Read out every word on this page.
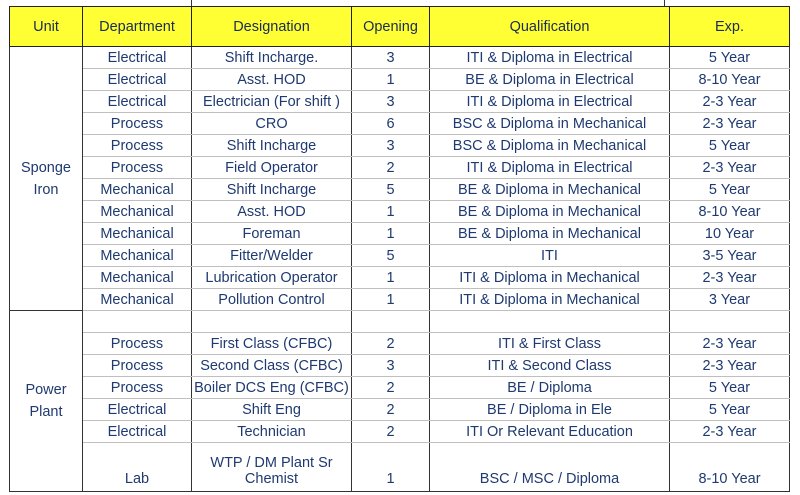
Unit	Department	Designation	Opening	Qualification	Exp.
Sponge Iron	Electrical	Shift Incharge.	3	ITI & Diploma in Electrical	5 Year
	Electrical	Asst. HOD	1	BE & Diploma in Electrical	8-10 Year
	Electrical	Electrician (For shift )	3	ITI & Diploma in Electrical	2-3 Year
	Process	CRO	6	BSC & Diploma in Mechanical	2-3 Year
	Process	Shift Incharge	3	BSC & Diploma in Mechanical	5 Year
	Process	Field Operator	2	ITI & Diploma in Electrical	2-3 Year
	Mechanical	Shift Incharge	5	BE & Diploma in Mechanical	5 Year
	Mechanical	Asst. HOD	1	BE & Diploma in Mechanical	8-10 Year
	Mechanical	Foreman	1	BE & Diploma in Mechanical	10 Year
	Mechanical	Fitter/Welder	5	ITI	3-5 Year
	Mechanical	Lubrication Operator	1	ITI & Diploma in Mechanical	2-3 Year
	Mechanical	Pollution Control	1	ITI & Diploma in Mechanical	3 Year
Power Plant					
	Process	First Class (CFBC)	2	ITI & First Class	2-3 Year
	Process	Second Class (CFBC)	3	ITI & Second Class	2-3 Year
	Process	Boiler DCS Eng (CFBC)	2	BE / Diploma	5 Year
	Electrical	Shift Eng	2	BE / Diploma in Ele	5 Year
	Electrical	Technician	2	ITI Or Relevant Education	2-3 Year
	Lab	WTP / DM Plant Sr Chemist	1	BSC / MSC / Diploma	8-10 Year
